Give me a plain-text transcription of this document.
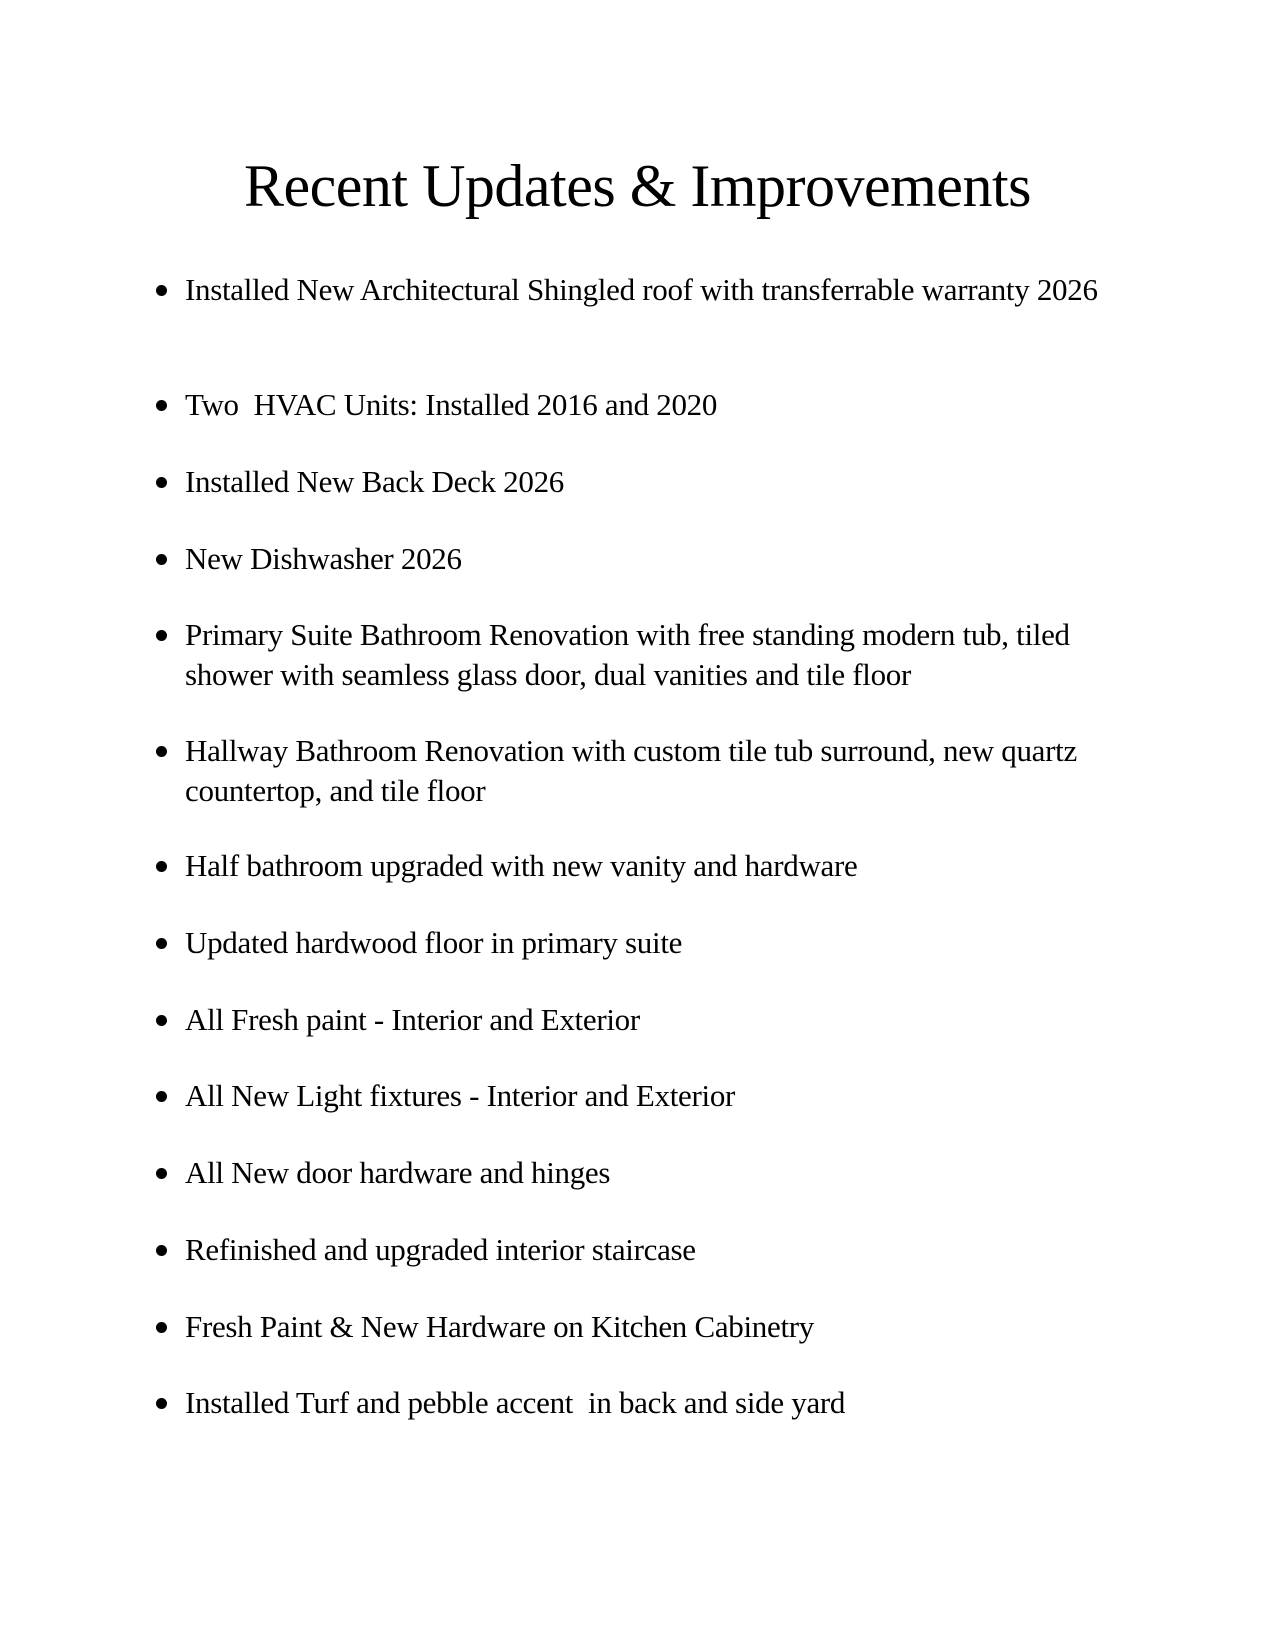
Recent Updates & Improvements
Installed New Architectural Shingled roof with transferrable warranty 2026
Two  HVAC Units: Installed 2016 and 2020
Installed New Back Deck 2026
New Dishwasher 2026
Primary Suite Bathroom Renovation with free standing modern tub, tiled shower with seamless glass door, dual vanities and tile floor
Hallway Bathroom Renovation with custom tile tub surround, new quartz countertop, and tile floor
Half bathroom upgraded with new vanity and hardware
Updated hardwood floor in primary suite
All Fresh paint - Interior and Exterior
All New Light fixtures - Interior and Exterior
All New door hardware and hinges
Refinished and upgraded interior staircase
Fresh Paint & New Hardware on Kitchen Cabinetry
Installed Turf and pebble accent  in back and side yard
